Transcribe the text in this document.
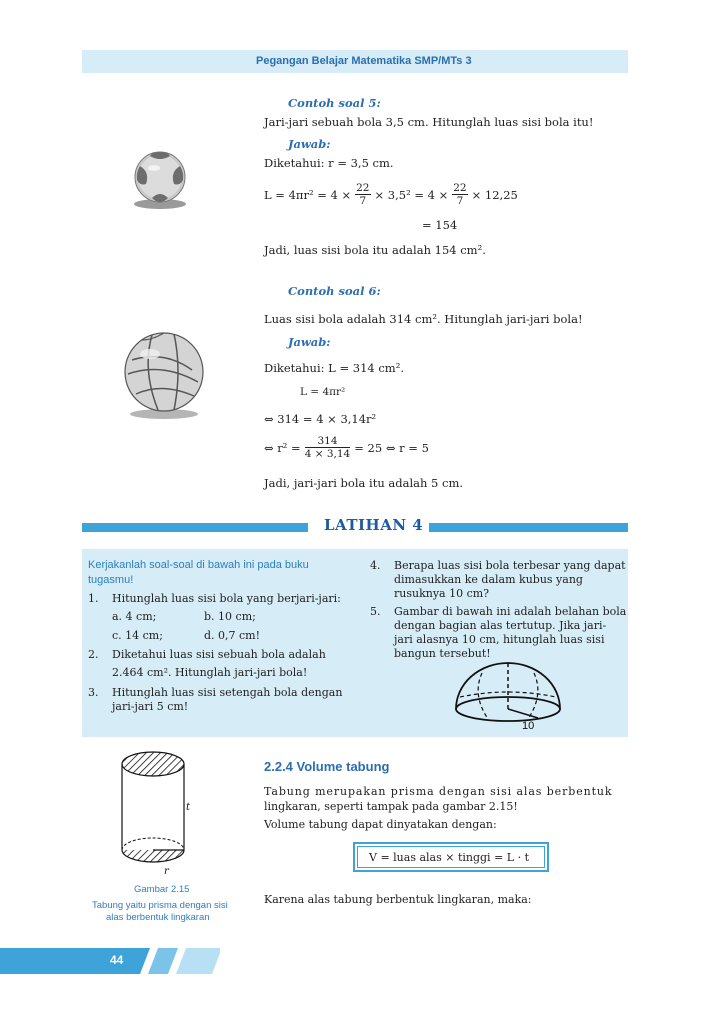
Pegangan Belajar Matematika SMP/MTs 3
Contoh soal 5:
Jari-jari sebuah bola 3,5 cm. Hitunglah luas sisi bola itu!
Jawab:
Diketahui: r = 3,5 cm.
$L = 4\pi r^2 = 4 \times \frac{22}{7} \times 3,5^2 = 4 \times \frac{22}{7} \times 12,25$
= 154
Jadi, luas sisi bola itu adalah 154 cm².
Contoh soal 6:
Luas sisi bola adalah 314 cm². Hitunglah jari-jari bola!
Jawab:
Diketahui: L = 314 cm².
L = 4πr²
⇔ 314 = 4 × 3,14r²
⇔ $r^2 = \frac{314}{4 \times 3,14} = 25$ ⇔ r = 5
Jadi, jari-jari bola itu adalah 5 cm.
LATIHAN 4
Kerjakanlah soal-soal di bawah ini pada buku
tugasmu!
1. Hitunglah luas sisi bola yang berjari-jari:
a. 4 cm;	b. 10 cm;
c. 14 cm;	d. 0,7 cm!
2. Diketahui luas sisi sebuah bola adalah
2.464 cm². Hitunglah jari-jari bola!
3. Hitunglah luas sisi setengah bola dengan
jari-jari 5 cm!
4. Berapa luas sisi bola terbesar yang dapat
dimasukkan ke dalam kubus yang
rusuknya 10 cm?
5. Gambar di bawah ini adalah belahan bola
dengan bagian alas tertutup. Jika jari-
jari alasnya 10 cm, hitunglah luas sisi
bangun tersebut!
10
t
r
Gambar 2.15
Tabung yaitu prisma dengan sisi
alas berbentuk lingkaran
2.2.4 Volume tabung
Tabung merupakan prisma dengan sisi alas berbentuk
lingkaran, seperti tampak pada gambar 2.15!
Volume tabung dapat dinyatakan dengan:
V = luas alas × tinggi = L · t
Karena alas tabung berbentuk lingkaran, maka:
44
